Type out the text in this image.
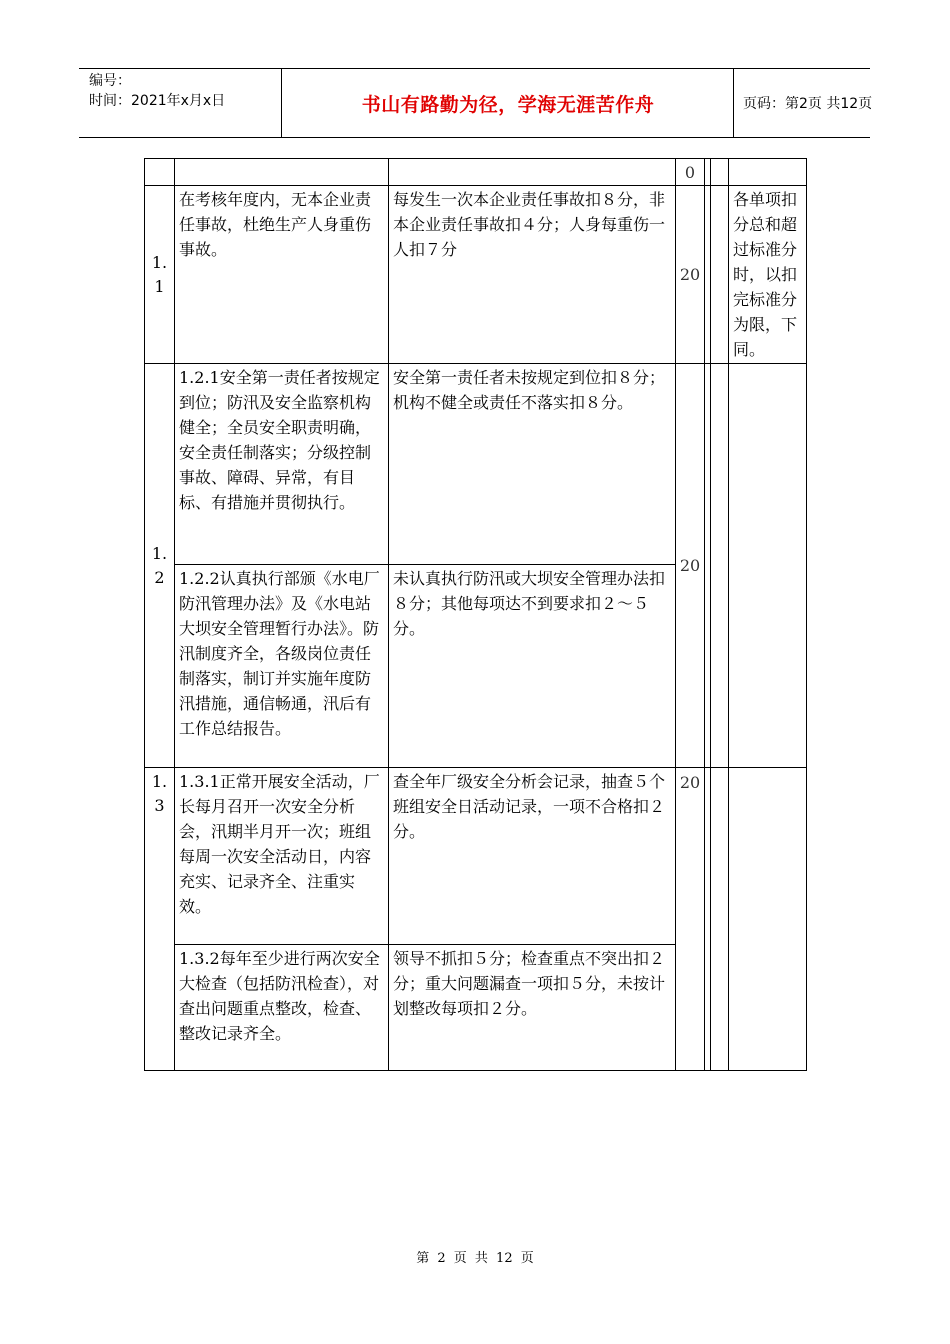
编号：
时间：2021年x月x日	书山有路勤为径，学海无涯苦作舟	页码：第2页 共12页
			0			
1.
1	在考核年度内，无本企业责任事故，杜绝生产人身重伤事故。	每发生一次本企业责任事故扣８分，非本企业责任事故扣４分；人身每重伤一人扣７分	20			各单项扣分总和超过标准分时，以扣完标准分为限，下同。
1.
2	1.2.1安全第一责任者按规定到位；防汛及安全监察机构健全；全员安全职责明确，安全责任制落实；分级控制事故、障碍、异常，有目标、有措施并贯彻执行。	安全第一责任者未按规定到位扣８分；机构不健全或责任不落实扣８分。	20			
	1.2.2认真执行部颁《水电厂防汛管理办法》及《水电站大坝安全管理暂行办法》。防汛制度齐全，各级岗位责任制落实，制订并实施年度防汛措施，通信畅通，汛后有工作总结报告。	未认真执行防汛或大坝安全管理办法扣８分；其他每项达不到要求扣２～５分。				
1.
3	1.3.1正常开展安全活动，厂长每月召开一次安全分析会，汛期半月开一次；班组每周一次安全活动日，内容充实、记录齐全、注重实效。	查全年厂级安全分析会记录，抽查５个班组安全日活动记录，一项不合格扣２分。	20			
	1.3.2每年至少进行两次安全大检查（包括防汛检查），对查出问题重点整改，检查、整改记录齐全。	领导不抓扣５分；检查重点不突出扣２分；重大问题漏查一项扣５分，未按计划整改每项扣２分。				
第 2 页 共 12 页
